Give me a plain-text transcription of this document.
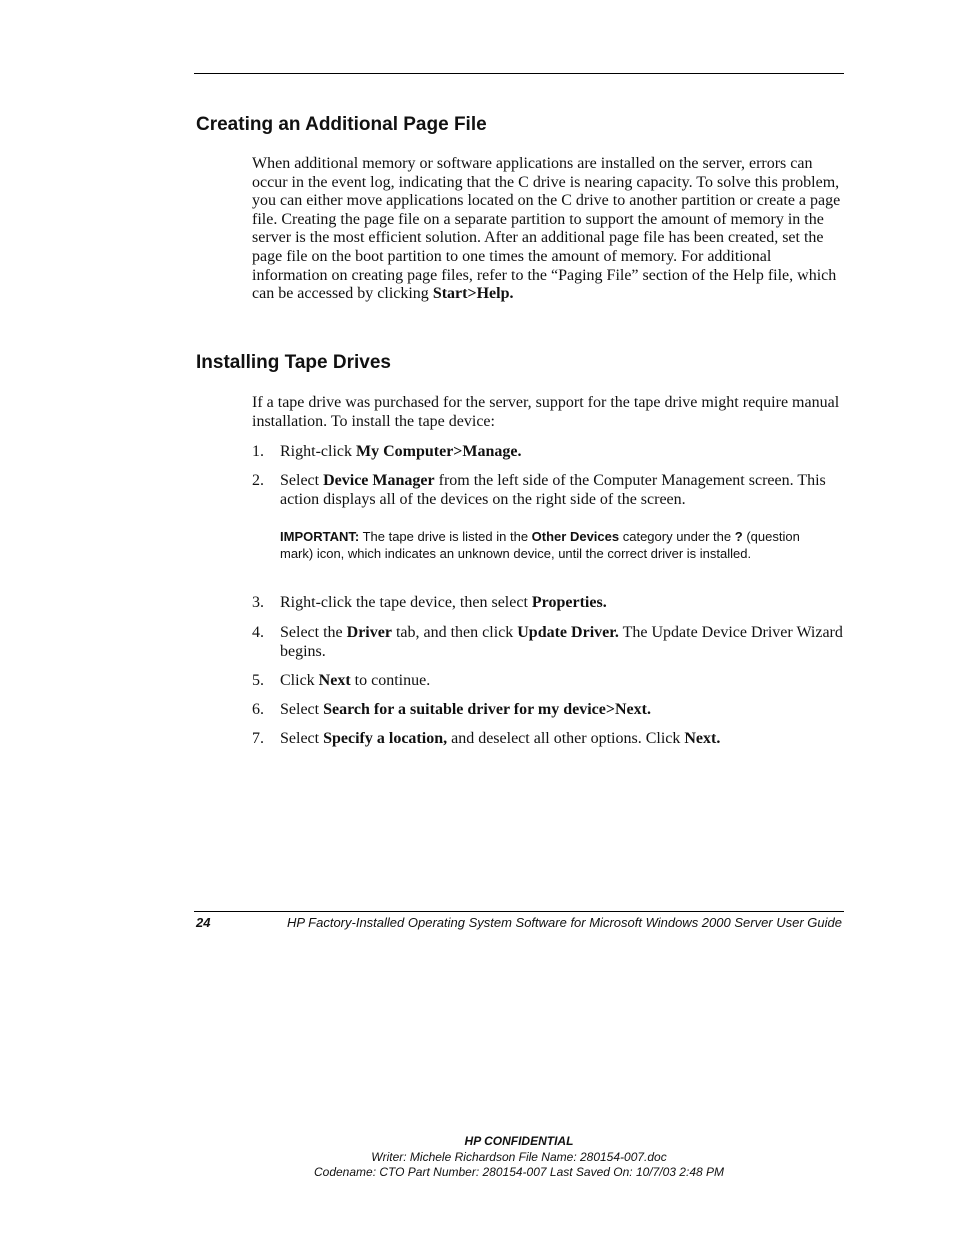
Creating an Additional Page File

When additional memory or software applications are installed on the server, errors can occur in the event log, indicating that the C drive is nearing capacity. To solve this problem, you can either move applications located on the C drive to another partition or create a page file. Creating the page file on a separate partition to support the amount of memory in the server is the most efficient solution. After an additional page file has been created, set the page file on the boot partition to one times the amount of memory. For additional information on creating page files, refer to the “Paging File” section of the Help file, which can be accessed by clicking Start>Help.

Installing Tape Drives

If a tape drive was purchased for the server, support for the tape drive might require manual installation. To install the tape device:

1.	Right-click My Computer>Manage.
2.	Select Device Manager from the left side of the Computer Management screen. This action displays all of the devices on the right side of the screen.
3.	Right-click the tape device, then select Properties.
4.	Select the Driver tab, and then click Update Driver. The Update Device Driver Wizard begins.
5.	Click Next to continue.
6.	Select Search for a suitable driver for my device>Next.
7.	Select Specify a location, and deselect all other options. Click Next.
IMPORTANT: The tape drive is listed in the Other Devices category under the ? (question mark) icon, which indicates an unknown device, until the correct driver is installed.
24	HP Factory-Installed Operating System Software for Microsoft Windows 2000 Server User Guide
HP CONFIDENTIAL
Writer: Michele Richardson File Name: 280154-007.doc
Codename: CTO Part Number: 280154-007 Last Saved On: 10/7/03 2:48 PM
